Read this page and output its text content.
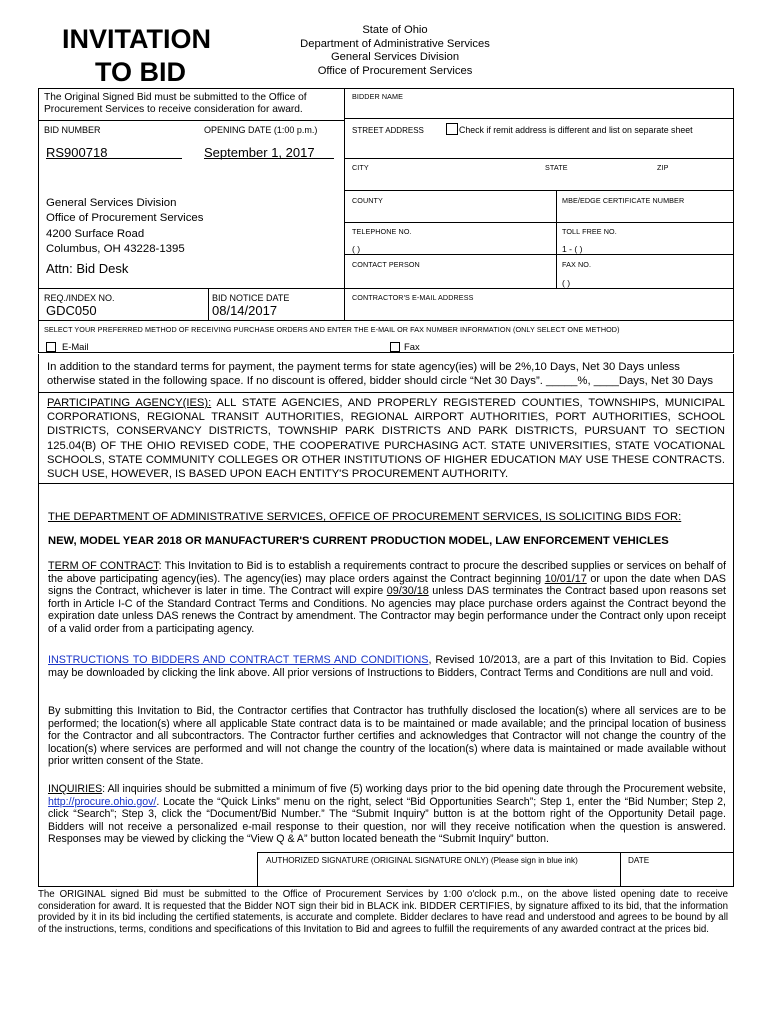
INVITATION
TO BID
State of Ohio
Department of Administrative Services
General Services Division
Office of Procurement Services
The Original Signed Bid must be submitted to the Office of
Procurement Services to receive consideration for award.
BID NUMBER	OPENING DATE (1:00 p.m.)
RS900718	September 1, 2017
General Services Division
Office of Procurement Services
4200 Surface Road
Columbus, OH 43228-1395
Attn: Bid Desk
REQ./INDEX NO.
GDC050
BID NOTICE DATE
08/14/2017
BIDDER NAME
STREET ADDRESS	Check if remit address is different and list on separate sheet
CITY	STATE	ZIP
COUNTY	MBE/EDGE CERTIFICATE NUMBER
TELEPHONE NO.
( )
TOLL FREE NO.
1 - ( )
CONTACT PERSON	FAX NO.
( )
CONTRACTOR'S E-MAIL ADDRESS
SELECT YOUR PREFERRED METHOD OF RECEIVING PURCHASE ORDERS AND ENTER THE E-MAIL OR FAX NUMBER INFORMATION (ONLY SELECT ONE METHOD)
E-Mail	Fax
In addition to the standard terms for payment, the payment terms for state agency(ies) will be 2%,10 Days, Net 30 Days unless otherwise stated in the following space. If no discount is offered, bidder should circle “Net 30 Days”. _____%, ____Days, Net 30 Days
PARTICIPATING AGENCY(IES): ALL STATE AGENCIES, AND PROPERLY REGISTERED COUNTIES, TOWNSHIPS, MUNICIPAL CORPORATIONS, REGIONAL TRANSIT AUTHORITIES, REGIONAL AIRPORT AUTHORITIES, PORT AUTHORITIES, SCHOOL DISTRICTS, CONSERVANCY DISTRICTS, TOWNSHIP PARK DISTRICTS AND PARK DISTRICTS, PURSUANT TO SECTION 125.04(B) OF THE OHIO REVISED CODE, THE COOPERATIVE PURCHASING ACT. STATE UNIVERSITIES, STATE VOCATIONAL SCHOOLS, STATE COMMUNITY COLLEGES OR OTHER INSTITUTIONS OF HIGHER EDUCATION MAY USE THESE CONTRACTS. SUCH USE, HOWEVER, IS BASED UPON EACH ENTITY'S PROCUREMENT AUTHORITY.
THE DEPARTMENT OF ADMINISTRATIVE SERVICES, OFFICE OF PROCUREMENT SERVICES, IS SOLICITING BIDS FOR:
NEW, MODEL YEAR 2018 OR MANUFACTURER'S CURRENT PRODUCTION MODEL, LAW ENFORCEMENT VEHICLES
TERM OF CONTRACT: This Invitation to Bid is to establish a requirements contract to procure the described supplies or services on behalf of the above participating agency(ies). The agency(ies) may place orders against the Contract beginning 10/01/17 or upon the date when DAS signs the Contract, whichever is later in time. The Contract will expire 09/30/18 unless DAS terminates the Contract based upon reasons set forth in Article I-C of the Standard Contract Terms and Conditions. No agencies may place purchase orders against the Contract beyond the expiration date unless DAS renews the Contract by amendment. The Contractor may begin performance under the Contract only upon receipt of a valid order from a participating agency.
INSTRUCTIONS TO BIDDERS AND CONTRACT TERMS AND CONDITIONS, Revised 10/2013, are a part of this Invitation to Bid. Copies may be downloaded by clicking the link above. All prior versions of Instructions to Bidders, Contract Terms and Conditions are null and void.
By submitting this Invitation to Bid, the Contractor certifies that Contractor has truthfully disclosed the location(s) where all services are to be performed; the location(s) where all applicable State contract data is to be maintained or made available; and the principal location of business for the Contractor and all subcontractors. The Contractor further certifies and acknowledges that Contractor will not change the country of the location(s) where services are performed and will not change the country of the location(s) where data is maintained or made available without prior written consent of the State.
INQUIRIES: All inquiries should be submitted a minimum of five (5) working days prior to the bid opening date through the Procurement website, http://procure.ohio.gov/. Locate the “Quick Links” menu on the right, select “Bid Opportunities Search”; Step 1, enter the “Bid Number; Step 2, click “Search”; Step 3, click the “Document/Bid Number.” The “Submit Inquiry” button is at the bottom right of the Opportunity Detail page. Bidders will not receive a personalized e-mail response to their question, nor will they receive notification when the question is answered. Responses may be viewed by clicking the “View Q & A” button located beneath the “Submit Inquiry” button.
AUTHORIZED SIGNATURE (ORIGINAL SIGNATURE ONLY) (Please sign in blue ink)	DATE
The ORIGINAL signed Bid must be submitted to the Office of Procurement Services by 1:00 o'clock p.m., on the above listed opening date to receive consideration for award. It is requested that the Bidder NOT sign their bid in BLACK ink. BIDDER CERTIFIES, by signature affixed to its bid, that the information provided by it in its bid including the certified statements, is accurate and complete. Bidder declares to have read and understood and agrees to be bound by all of the instructions, terms, conditions and specifications of this Invitation to Bid and agrees to fulfill the requirements of any awarded contract at the prices bid.
